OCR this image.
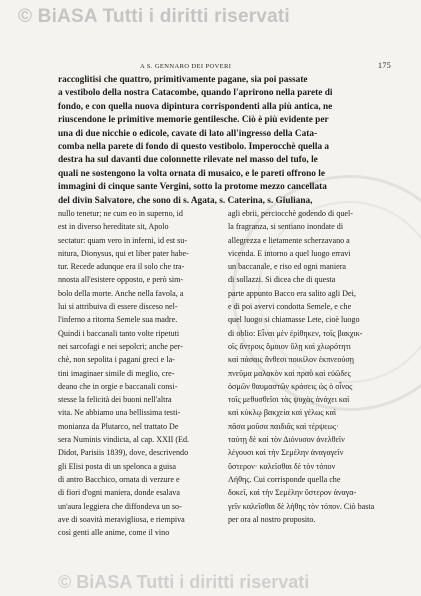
© BiASA Tutti i diritti riservati
A S. GENNARO DEI POVERI	175
raccoglitisi che quattro, primitivamente pagane, sia poi passate
a vestibolo della nostra Catacombe, quando l'aprirono nella parete di
fondo, e con quella nuova dipintura corrispondenti alla più antica, ne
riuscendone le primitive memorie gentilesche. Ciò è più evidente per
una di due nicchie o edicole, cavate di lato all'ingresso della Cata-
comba nella parete di fondo di questo vestibolo. Imperocchè quella a
destra ha sul davanti due colonnette rilevate nel masso del tufo, le
quali ne sostengono la volta ornata di musaico, e le pareti offrono le
immagini di cinque sante Vergini, sotto la protome mezzo cancellata
del divin Salvatore, che sono di s. Agata, s. Caterina, s. Giuliana,
nullo tenetur; ne cum eo in superno, id
est in diverso hereditate sit, Apolo
sectatur: quam vero in inferni, id est su-
nitura, Dionysus, qui et liber pater habe-
tur. Recede adunque era il solo che tra-
nnosta all'esistere opposto, e però sim-
bolo della morte. Anche nella favola, a
lui si attribuiva di essere disceso nel-
l'inferno a ritorna Semele sua madre.
Quindi i baccanali tanto volte ripetuti
nei sarcofagi e nei sepolcri; anche per-
chè, non sepolita i pagani greci e la-
tini imaginaer simile di meglio, cre-
deano che in orgie e baccanali consi-
stesse la felicità dei buoni nell'altra
vita. Ne abbiamo una bellissima testi-
monianza da Plutarco, nel trattato De
sera Numinis vindicta, al cap. XXII (Ed.
Didot, Parisiis 1839), dove, descrivendo
gli Elisi posta di un spelonca a guisa
di antro Bacchico, ornata di verzure e
di fiori d'ogni maniera, donde esalava
un'aura leggiera che diffondeva un so-
ave di soavità meravigliosa, e riempiva
così genti alle anime, come il vino
agli ebrii, perciocchè godendo di quel-
la fragranza, si sentiano inondate di
allegrezza e lietamente scherzavano a
vicenda. E intorno a quel luogo erravi
un baccanale, e riso ed ogni maniera
di sollazzi. Si dicea che di questa
parte appunto Bacco era salito agli Dei,
e di poi avervi condotta Semele, e che
quel luogo si chiamasse Lete, cioè luogo
di oblio: Εἶναι μὲν ἐρίθηκεν, τοῖς βακχικ-
οῖς ἄντροις ὅμοιον ὕλῃ καὶ χλωρότητι
καὶ πάσαις ἄνθεσι ποικίλον ἐκπνεούσῃ
πνεῦμα μαλακὸν καὶ πραῢ καὶ εὐῶδες
ὀσμῶν θαυμαστῶν κράσεις ὡς ὁ οἶνος
τοῖς μεθυσθεῖσι τὰς ψυχὰς ἀνάχει καὶ
καὶ κύκλῳ βακχεία καὶ γέλως καὶ
πᾶσα μοῦσα παιδιᾶς καὶ τέρψεως·
ταύτῃ δὲ καὶ τὸν Διόνυσον ἀνελθεῖν
λέγουσι καὶ τὴν Σεμέλην ἀναγαγεῖν
ὕστερον· καλεῖσθαι δὲ τὸν τόπον
Λήθης. Cui corrisponde quella che
δοκεῖ, καὶ τὴν Σεμέλην ὕστερον ἀναγα-
γεῖν καλεῖσθαι δὲ λήθης τὸν τόπον. Ciò basta
per ora al nostro proposito.
© BiASA Tutti i diritti riservati
